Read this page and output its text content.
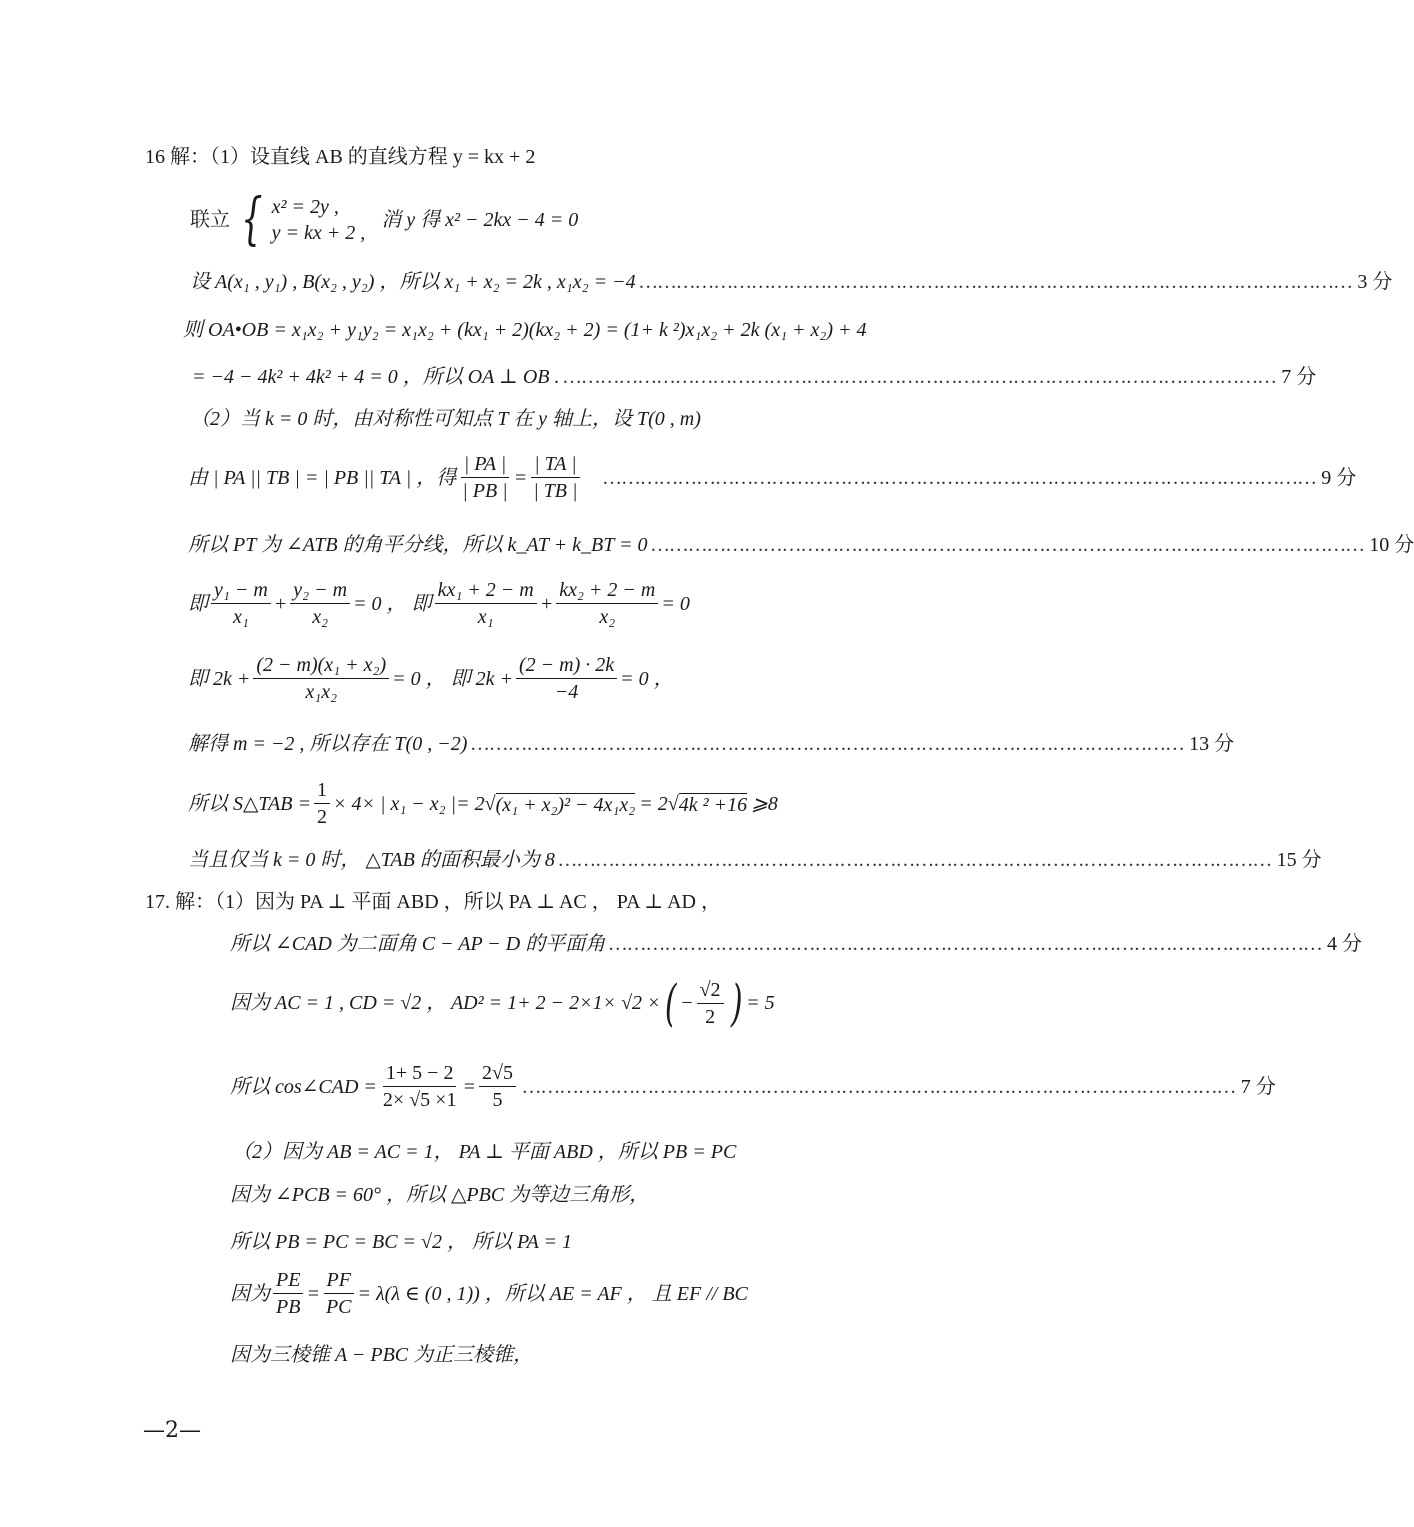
16 解：（1）设直线 AB 的直线方程 y = kx + 2
联立 { x² = 2y ,
y = kx + 2 ,
消 y 得 x² − 2kx − 4 = 0
设 A(x₁ , y₁) , B(x₂ , y₂) ，所以 x₁ + x₂ = 2k , x₁x₂ = −4 …………………………………………………………………………………………………… 3 分
则 OA•OB = x₁x₂ + y₁y₂ = x₁x₂ + (kx₁ + 2)(kx₂ + 2) = (1+ k ²)x₁x₂ + 2k (x₁ + x₂) + 4
= −4 − 4k² + 4k² + 4 = 0 ，所以 OA ⊥ OB . …………………………………………………………………………………………………… 7 分
（2）当 k = 0 时，由对称性可知点 T 在 y 轴上，设 T(0 , m)
由 | PA || TB | = | PB || TA | ，得 $\frac{| PA |}{| PB |} = \frac{| TA |}{| TB |}$ …………………………………………………………………………………………………… 9 分
所以 PT 为 ∠ATB 的角平分线，所以 k_AT + k_BT = 0 …………………………………………………………………………………………………… 10 分
即 $\frac{\text{y₁ − m}}{\text{x₁}} + \frac{\text{y₂ − m}}{\text{x₂}} = 0$ ， 即 $\frac{\text{kx₁ + 2 − m}}{\text{x₁}} + \frac{\text{kx₂ + 2 − m}}{\text{x₂}} = 0$
即 $2k + \frac{\text{(2 − m)(x₁ + x₂)}}{\text{x₁x₂}} = 0$ ， 即 $2k + \frac{(2 - m) \cdot 2k}{-4} = 0$ ，
解得 m = −2 , 所以存在 T(0 , −2) …………………………………………………………………………………………………… 13 分
所以 S△TAB = $\frac{1}{2} \times 4\times$ | x₁ − x₂ |= 2 √ (x₁ + x₂)² − 4x₁x₂ = 2 √ 4k ² +16 ⩾8
当且仅当 k = 0 时， △TAB 的面积最小为 8 …………………………………………………………………………………………………… 15 分
17. 解：（1）因为 PA ⊥ 平面 ABD ，所以 PA ⊥ AC ， PA ⊥ AD ，
所以 ∠CAD 为二面角 C − AP − D 的平面角 …………………………………………………………………………………………………… 4 分
因为 AC = 1 , CD = √2 ， AD² = 1+ 2 − 2×1× √2 × ( − $\frac{√2}{2}$ ) = 5
所以 cos∠CAD = $\frac{1+ 5 - 2}{2\times √5 \times 1} = \frac{2√5}{5}$ …………………………………………………………………………………………………… 7 分
（2）因为 AB = AC = 1， PA ⊥ 平面 ABD ，所以 PB = PC
因为 ∠PCB = 60° ，所以 △PBC 为等边三角形，
所以 PB = PC = BC = √2 ， 所以 PA = 1
因为 $\frac{PE}{PB} = \frac{PF}{PC} = \lambda(\lambda$ ∈ (0 , 1)) ，所以 AE = AF ， 且 EF // BC
因为三棱锥 A − PBC 为正三棱锥，
—2—
